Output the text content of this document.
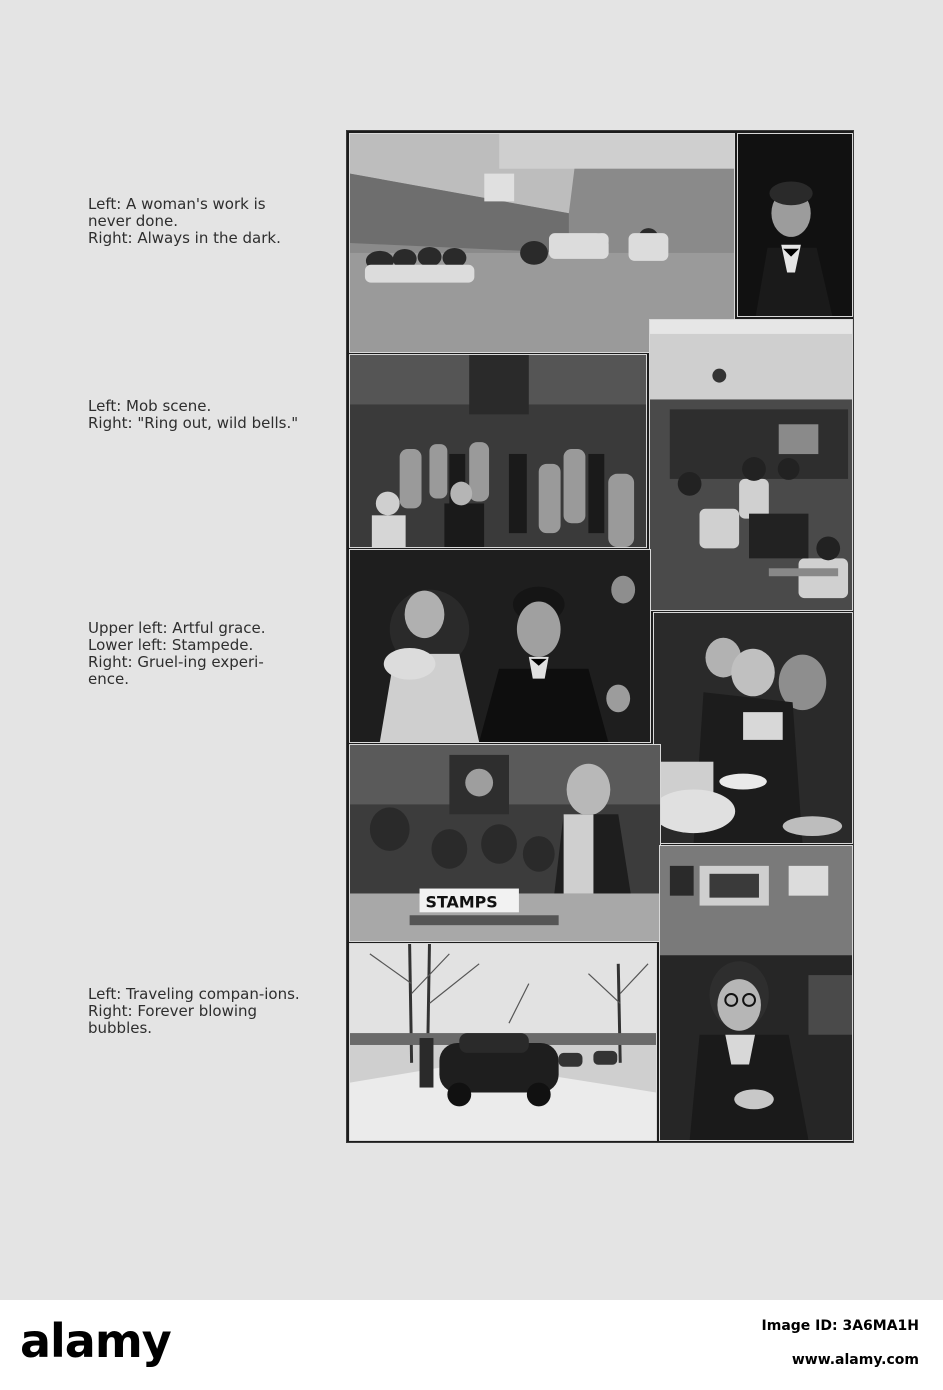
Left: A woman's work is never done.
Right: Always in the dark.
Left: Mob scene.
Right: "Ring out, wild bells."
Upper left: Artful grace.
Lower left: Stampede.
Right: Gruel-ing experi-ence.
Left: Traveling compan-ions.
Right: Forever blowing bubbles.
STAMPS
alamy	Image ID: 3A6MA1H
www.alamy.com
